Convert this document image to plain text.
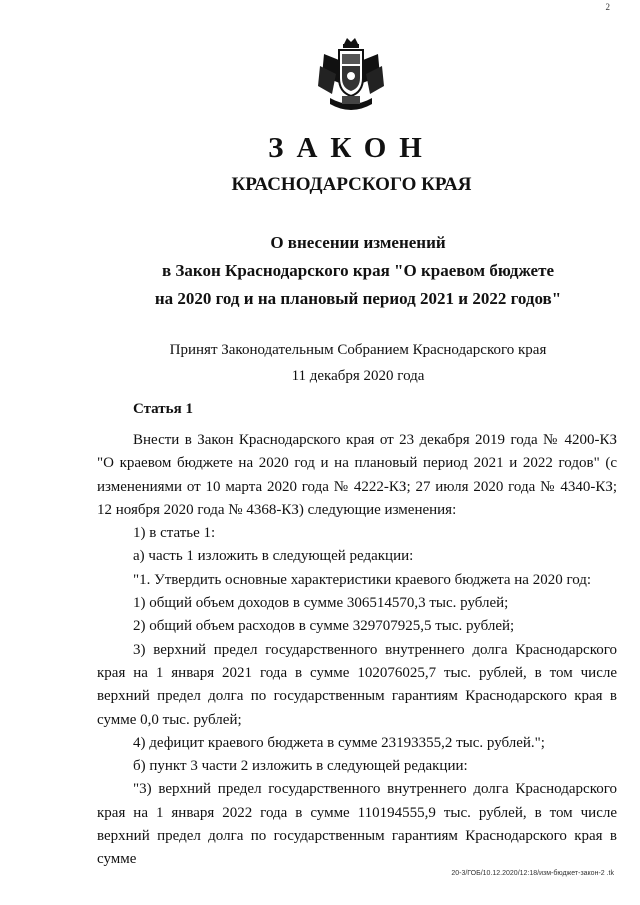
2
ЗАКОН
КРАСНОДАРСКОГО КРАЯ
О внесении изменений
в Закон Краснодарского края "О краевом бюджете
на 2020 год и на плановый период 2021 и 2022 годов"
Принят Законодательным Собранием Краснодарского края
11 декабря 2020 года
Статья 1

Внести в Закон Краснодарского края от 23 декабря 2019 года № 4200-КЗ "О краевом бюджете на 2020 год и на плановый период 2021 и 2022 годов" (с изменениями от 10 марта 2020 года № 4222-КЗ; 27 июля 2020 года № 4340-КЗ; 12 ноября 2020 года № 4368-КЗ) следующие изменения:

1) в статье 1:

а) часть 1 изложить в следующей редакции:

"1. Утвердить основные характеристики краевого бюджета на 2020 год:

1) общий объем доходов в сумме 306514570,3 тыс. рублей;

2) общий объем расходов в сумме 329707925,5 тыс. рублей;

3) верхний предел государственного внутреннего долга Краснодарского края на 1 января 2021 года в сумме 102076025,7 тыс. рублей, в том числе верхний предел долга по государственным гарантиям Краснодарского края в сумме 0,0 тыс. рублей;

4) дефицит краевого бюджета в сумме 23193355,2 тыс. рублей.";

б) пункт 3 части 2 изложить в следующей редакции:

"3) верхний предел государственного внутреннего долга Краснодарского края на 1 января 2022 года в сумме 110194555,9 тыс. рублей, в том числе верхний предел долга по государственным гарантиям Краснодарского края в сумме

20-3/ГОБ/10.12.2020/12:18/изм-бюджет-закон-2 .tk
